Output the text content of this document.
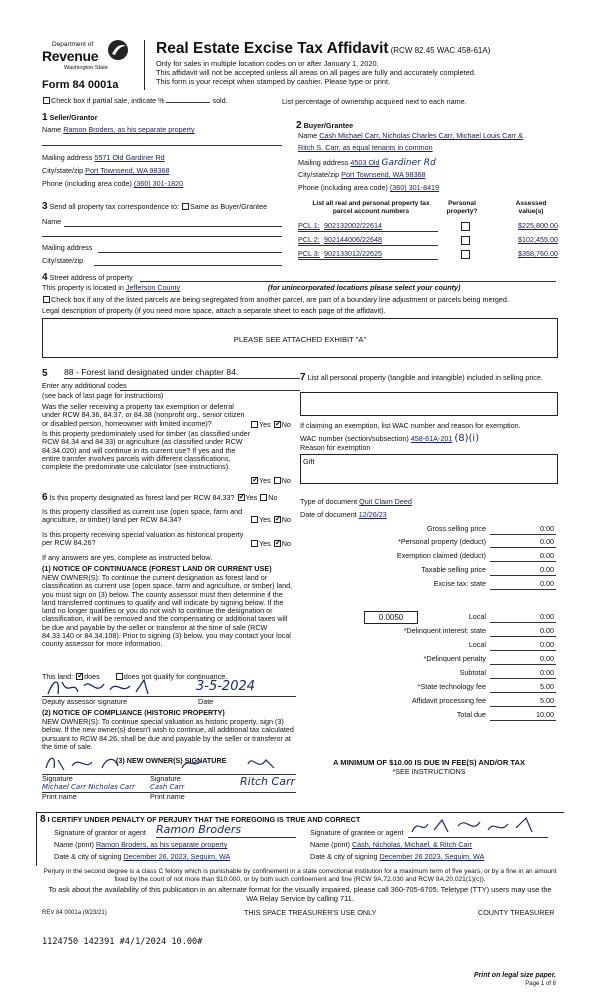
Department of
Revenue
Washington State
Form 84 0001a
Real Estate Excise Tax Affidavit (RCW 82.45 WAC 458-61A)
Only for sales in multiple location codes on or after January 1, 2020.
This affidavit will not be accepted unless all areas on all pages are fully and accurately completed.
This form is your receipt when stamped by cashier. Please type or print.
Check box if partial sale, indicate %	sold.	List percentage of ownership acquired next to each name.
1 Seller/Grantor
Name Ramon Broders, as his separate property
Mailing address 5571 Old Gardiner Rd
City/state/zip Port Townsend, WA 98368
Phone (including area code) (360) 301-1820
2 Buyer/Grantee
Name Cash Michael Carr, Nicholas Charles Carr, Michael Louis Carr &
Ritch S. Carr, as equal tenants in common
Mailing address 4503 Old Gardiner Rd
City/state/zip Port Townsend, WA 98368
Phone (including area code) (360) 301-8419
3 Send all property tax correspondence to: Same as Buyer/Grantee
Name
Mailing address
City/state/zip
List all real and personal property tax parcel account numbers
Personal property?
Assessed value(s)
PCL 1: 902132002/22614	$225,800.00
PCL 2: 902144006/22648	$102,455.00
PCL 3: 902133012/22625	$358,760.00
4 Street address of property
This property is located in Jefferson County	(for unincorporated locations please select your county)
Check box if any of the listed parcels are being segregated from another parcel, are part of a boundary line adjustment or parcels being merged.
Legal description of property (if you need more space, attach a separate sheet to each page of the affidavit).
PLEASE SEE ATTACHED EXHIBIT "A"
5 88 - Forest land designated under chapter 84.
Enter any additional codes
(see back of last page for instructions)
Was the seller receiving a property tax exemption or deferral under RCW 84.36, 84.37, or 84.38 (nonprofit org., senior citizen or disabled person, homeowner with limited income)?	Yes ✓ No
Is this property predominately used for timber (as classified under RCW 84.34 and 84.33) or agriculture (as classified under RCW 84.34.020) and will continue in its current use? If yes and the entire transfer involves parcels with different classifications, complete the predominate use calculator (see instructions).
✓Yes No
6 Is this property designated as forest land per RCW 84.33? ✓ Yes No
Is this property classified as current use (open space, farm and agriculture, or timber) land per RCW 84.34?	Yes ✓ No
Is this property receiving special valuation as historical property per RCW 84.26?	Yes ✓ No
If any answers are yes, complete as instructed below.
(1) NOTICE OF CONTINUANCE (FOREST LAND OR CURRENT USE)
NEW OWNER(S): To continue the current designation as forest land or classification as current use (open space, farm and agriculture, or timber) land, you must sign on (3) below. The county assessor must then determine if the land transferred continues to qualify and will indicate by signing below. If the land no longer qualifies or you do not wish to continue the designation or classification, it will be removed and the compensating or additional taxes will be due and payable by the seller or transferor at the time of sale (RCW 84.33.140 or 84.34.108). Prior to signing (3) below, you may contact your local county assessor for more information.
This land: ✓ does	does not qualify for continuance.
3-5-2024
Deputy assessor signature	Date
(2) NOTICE OF COMPLIANCE (HISTORIC PROPERTY)
NEW OWNER(S): To continue special valuation as historic property, sign (3) below. If the new owner(s) doesn't wish to continue, all additional tax calculated pursuant to RCW 84.26, shall be due and payable by the seller or transferor at the time of sale.
(3) NEW OWNER(S) SIGNATURE
Signature	Signature
Michael Carr Nicholas Carr Cash Carr	Ritch Carr
Print name	Print name
7 List all personal property (tangible and intangible) included in selling price.
If claiming an exemption, list WAC number and reason for exemption.
WAC number (section/subsection) 458-61A-201 (8)(i)
Reason for exemption
Gift
Type of document Quit Claim Deed
Date of document 12/26/23
0.0050
Gross selling price	0.00
*Personal property (deduct)	0.00
Exemption claimed (deduct)	0.00
Taxable selling price	0.00
Excise tax: state	0.00
Local	0.00
*Delinquent interest: state	0.00
Local	0.00
*Delinquent penalty	0.00
Subtotal	0.00
*State technology fee	5.00
Affidavit processing fee	5.00
Total due	10.00
A MINIMUM OF $10.00 IS DUE IN FEE(S) AND/OR TAX
*SEE INSTRUCTIONS
8 I CERTIFY UNDER PENALTY OF PERJURY THAT THE FOREGOING IS TRUE AND CORRECT
Signature of grantor or agent Ramon Broders
Name (print) Ramon Broders, as his separate property
Date & city of signing December 26, 2023, Sequim, WA
Signature of grantee or agent
Name (print) Cash, Nicholas, Michael, & Ritch Carr
Date & city of signing December 26 2023, Sequim, WA
Perjury in the second degree is a class C felony which is punishable by confinement in a state correctional institution for a maximum term of five years, or by a fine in an amount fixed by the court of not more than $10,000, or by both such confinement and fine (RCW 9A.72.030 and RCW 9A.20.021(1)(c)).
To ask about the availability of this publication in an alternate format for the visually impaired, please call 360-705-6705. Teletype (TTY) users may use the WA Relay Service by calling 711.
REV 84 0001a (9/23/21)	THIS SPACE TREASURER'S USE ONLY	COUNTY TREASURER
1124750 142391 #4/1/2024 10.00#
Print on legal size paper.
Page 1 of 8
